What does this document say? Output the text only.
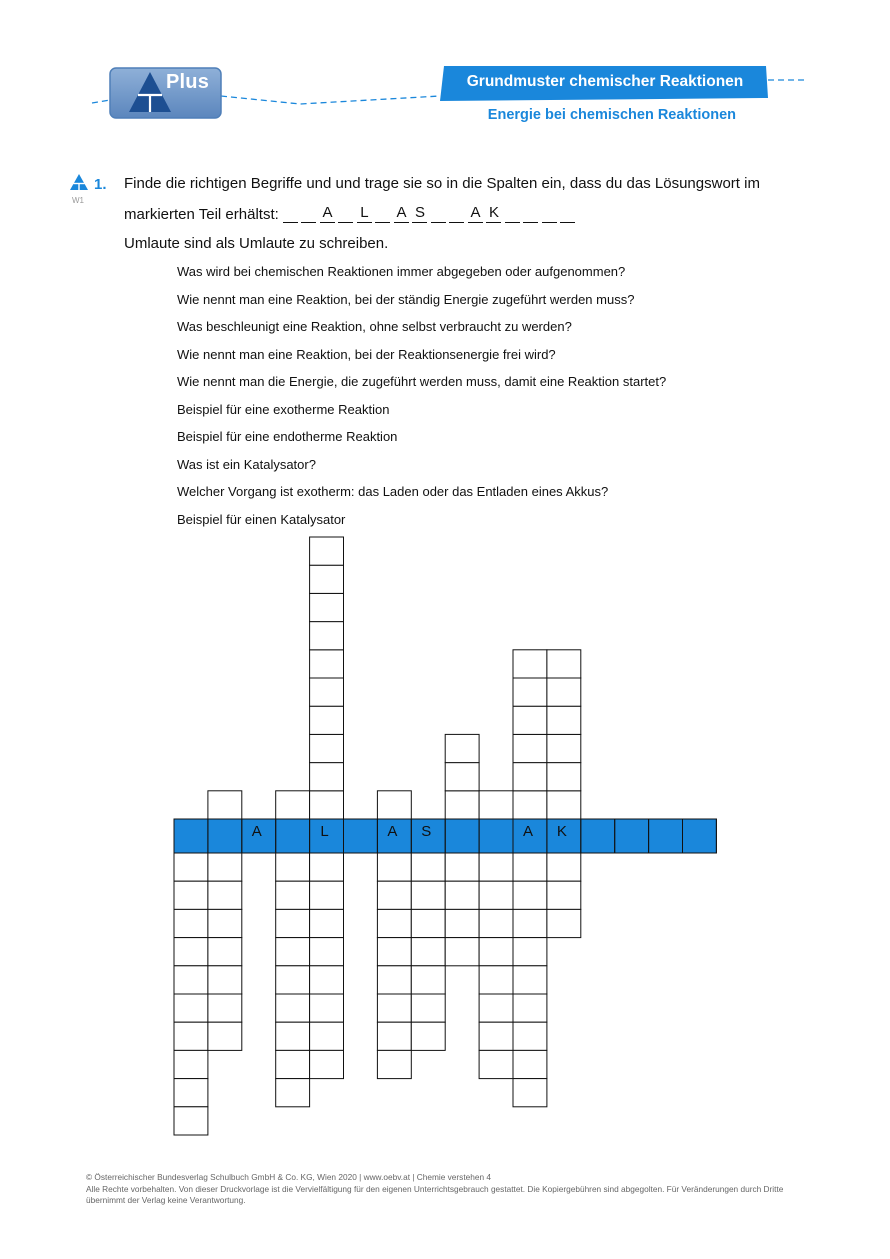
Plus	Grundmuster chemischer Reaktionen
Energie bei chemischen Reaktionen
1.
W1
Finde die richtigen Begriffe und und trage sie so in die Spalten ein, dass du das Lösungswort im
markierten Teil erhältst:	A L A S	A K
Umlaute sind als Umlaute zu schreiben.
Was wird bei chemischen Reaktionen immer abgegeben oder aufgenommen?
Wie nennt man eine Reaktion, bei der ständig Energie zugeführt werden muss?
Was beschleunigt eine Reaktion, ohne selbst verbraucht zu werden?
Wie nennt man eine Reaktion, bei der Reaktionsenergie frei wird?
Wie nennt man die Energie, die zugeführt werden muss, damit eine Reaktion startet?
Beispiel für eine exotherme Reaktion
Beispiel für eine endotherme Reaktion
Was ist ein Katalysator?
Welcher Vorgang ist exotherm: das Laden oder das Entladen eines Akkus?
Beispiel für einen Katalysator
A	L	A S	A K
© Österreichischer Bundesverlag Schulbuch GmbH & Co. KG, Wien 2020 | www.oebv.at | Chemie verstehen 4
Alle Rechte vorbehalten. Von dieser Druckvorlage ist die Vervielfältigung für den eigenen Unterrichtsgebrauch gestattet. Die Kopiergebühren sind abgegolten. Für Veränderungen durch Dritte übernimmt der Verlag keine Verantwortung.
